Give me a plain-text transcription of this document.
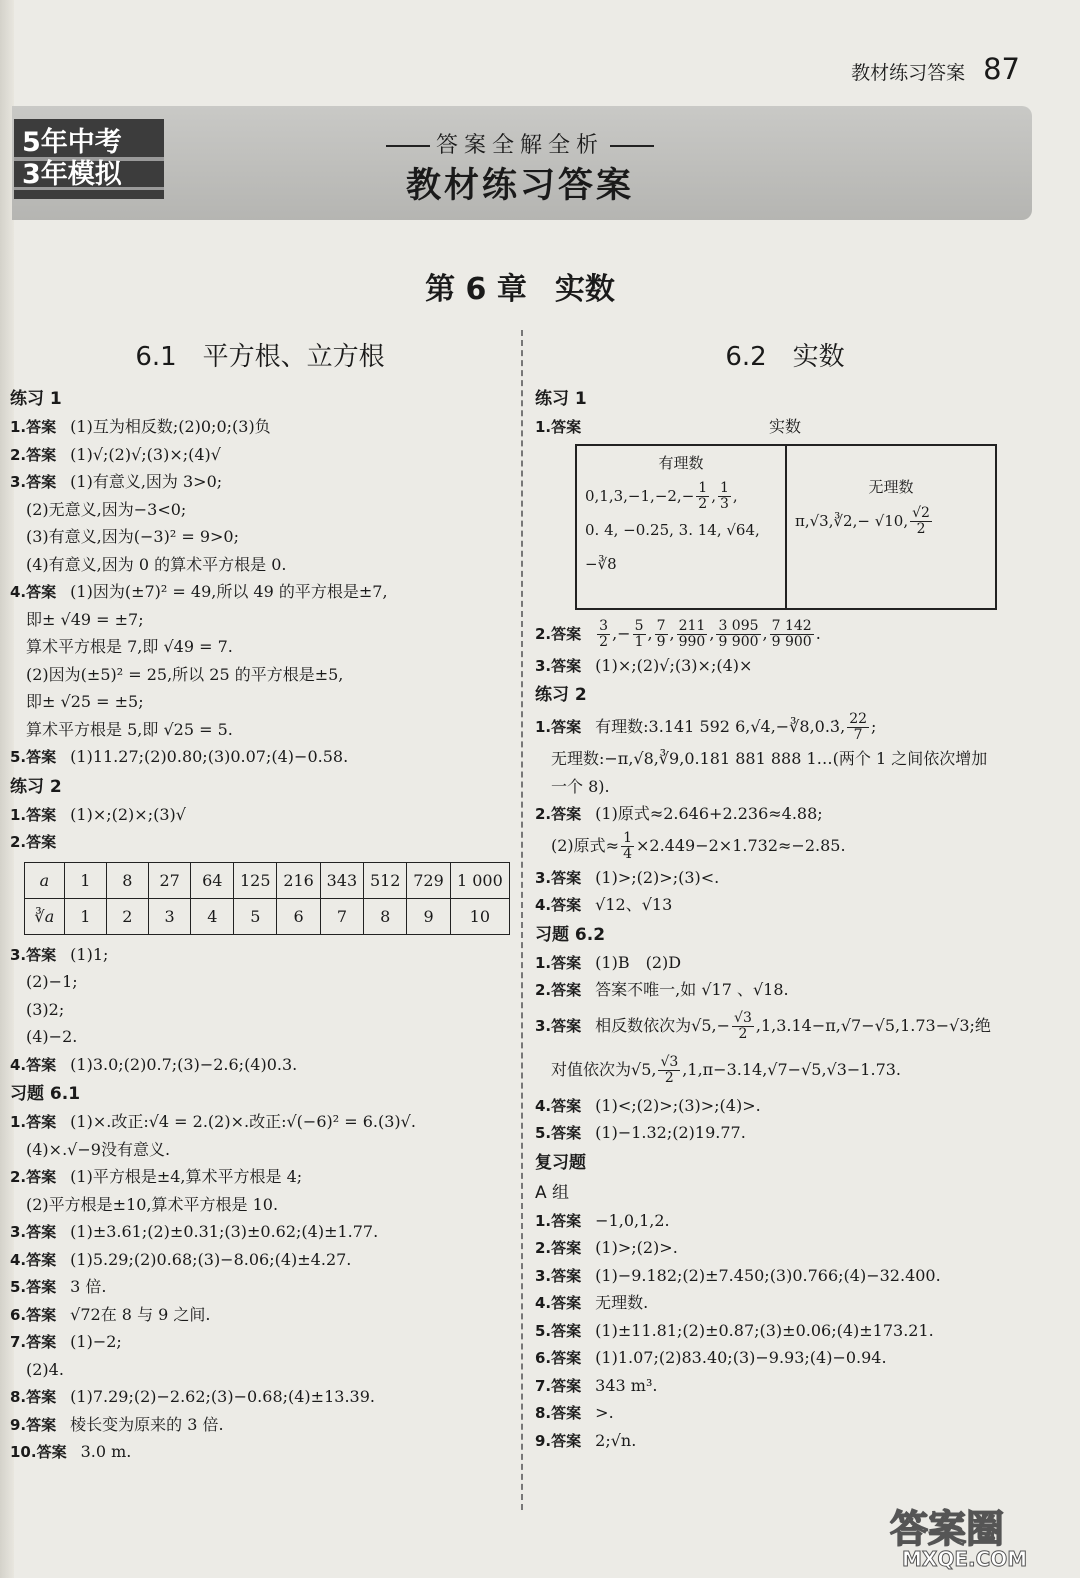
教材练习答案 87
5年中考
3年模拟
答案全解全析
教材练习答案
第 6 章 实数
6.1　平方根、立方根
练习 1
1.答案 (1)互为相反数;(2)0;0;(3)负
2.答案 (1)√;(2)√;(3)×;(4)√
3.答案 (1)有意义,因为 3>0;
(2)无意义,因为−3<0;
(3)有意义,因为(−3)² = 9>0;
(4)有意义,因为 0 的算术平方根是 0.
4.答案 (1)因为(±7)² = 49,所以 49 的平方根是±7,
即± √49 = ±7;
算术平方根是 7,即 √49 = 7.
(2)因为(±5)² = 25,所以 25 的平方根是±5,
即± √25 = ±5;
算术平方根是 5,即 √25 = 5.
5.答案 (1)11.27;(2)0.80;(3)0.07;(4)−0.58.
练习 2
1.答案 (1)×;(2)×;(3)√
2.答案
a	1	8	27	64	125	216	343	512	729	1 000
∛a	1	2	3	4	5	6	7	8	9	10
3.答案 (1)1;
(2)−1;
(3)2;
(4)−2.
4.答案 (1)3.0;(2)0.7;(3)−2.6;(4)0.3.
习题 6.1
1.答案 (1)×.改正:√4 = 2.(2)×.改正:√(−6)² = 6.(3)√.
(4)×.√−9没有意义.
2.答案 (1)平方根是±4,算术平方根是 4;
(2)平方根是±10,算术平方根是 10.
3.答案 (1)±3.61;(2)±0.31;(3)±0.62;(4)±1.77.
4.答案 (1)5.29;(2)0.68;(3)−8.06;(4)±4.27.
5.答案 3 倍.
6.答案 √72在 8 与 9 之间.
7.答案 (1)−2;
(2)4.
8.答案 (1)7.29;(2)−2.62;(3)−0.68;(4)±13.39.
9.答案 棱长变为原来的 3 倍.
10.答案 3.0 m.
6.2　实数
练习 1
1.答案	实数
有理数
$0,1,3,-1,-2,- \frac{1}{2}$ , $\frac{1}{3}$ ,
0. 4, −0.25, 3. 14, √64,
−∛8
无理数
π,√3,∛2,− √10, $\frac{√2}{2}$
2.答案 $\frac{3}{2}$ ,− $\frac{5}{1}$ , $\frac{7}{9}$ , $\frac{211}{990}$ , $\frac{3 095}{9 900}$ , $\frac{7 142}{9 900}$ .
3.答案 (1)×;(2)√;(3)×;(4)×
练习 2
1.答案 有理数:3.141 592 6,√4,−∛8,0.3̇, $\frac{22}{7}$ ;
无理数:−π,√8,∛9,0.181 881 888 1…(两个 1 之间依次增加
一个 8).
2.答案 (1)原式≈2.646+2.236≈4.88;
(2)原式≈ $\frac{1}{4} \times 2.449-2\times 1.732\approx-2.85$.
3.答案 (1)>;(2)>;(3)<.
4.答案 √12、√13
习题 6.2
1.答案 (1)B　(2)D
2.答案 答案不唯一,如 √17 、√18.
3.答案 相反数依次为$√5,- \frac{√3}{2} ,1,3.14-\pi,√7-√5,1.73-√3$;绝
对值依次为√5, $\frac{√3}{2} ,1,\pi-3.14,√7-√5,√3-1.73$.
4.答案 (1)<;(2)>;(3)>;(4)>.
5.答案 (1)−1.32;(2)19.77.
复习题
A 组
1.答案 −1,0,1,2.
2.答案 (1)>;(2)>.
3.答案 (1)−9.182;(2)±7.450;(3)0.766;(4)−32.400.
4.答案 无理数.
5.答案 (1)±11.81;(2)±0.87;(3)±0.06;(4)±173.21.
6.答案 (1)1.07;(2)83.40;(3)−9.93;(4)−0.94.
7.答案 343 m³.
8.答案 >.
9.答案 2;√n.
答案圈
MXQE.COM
